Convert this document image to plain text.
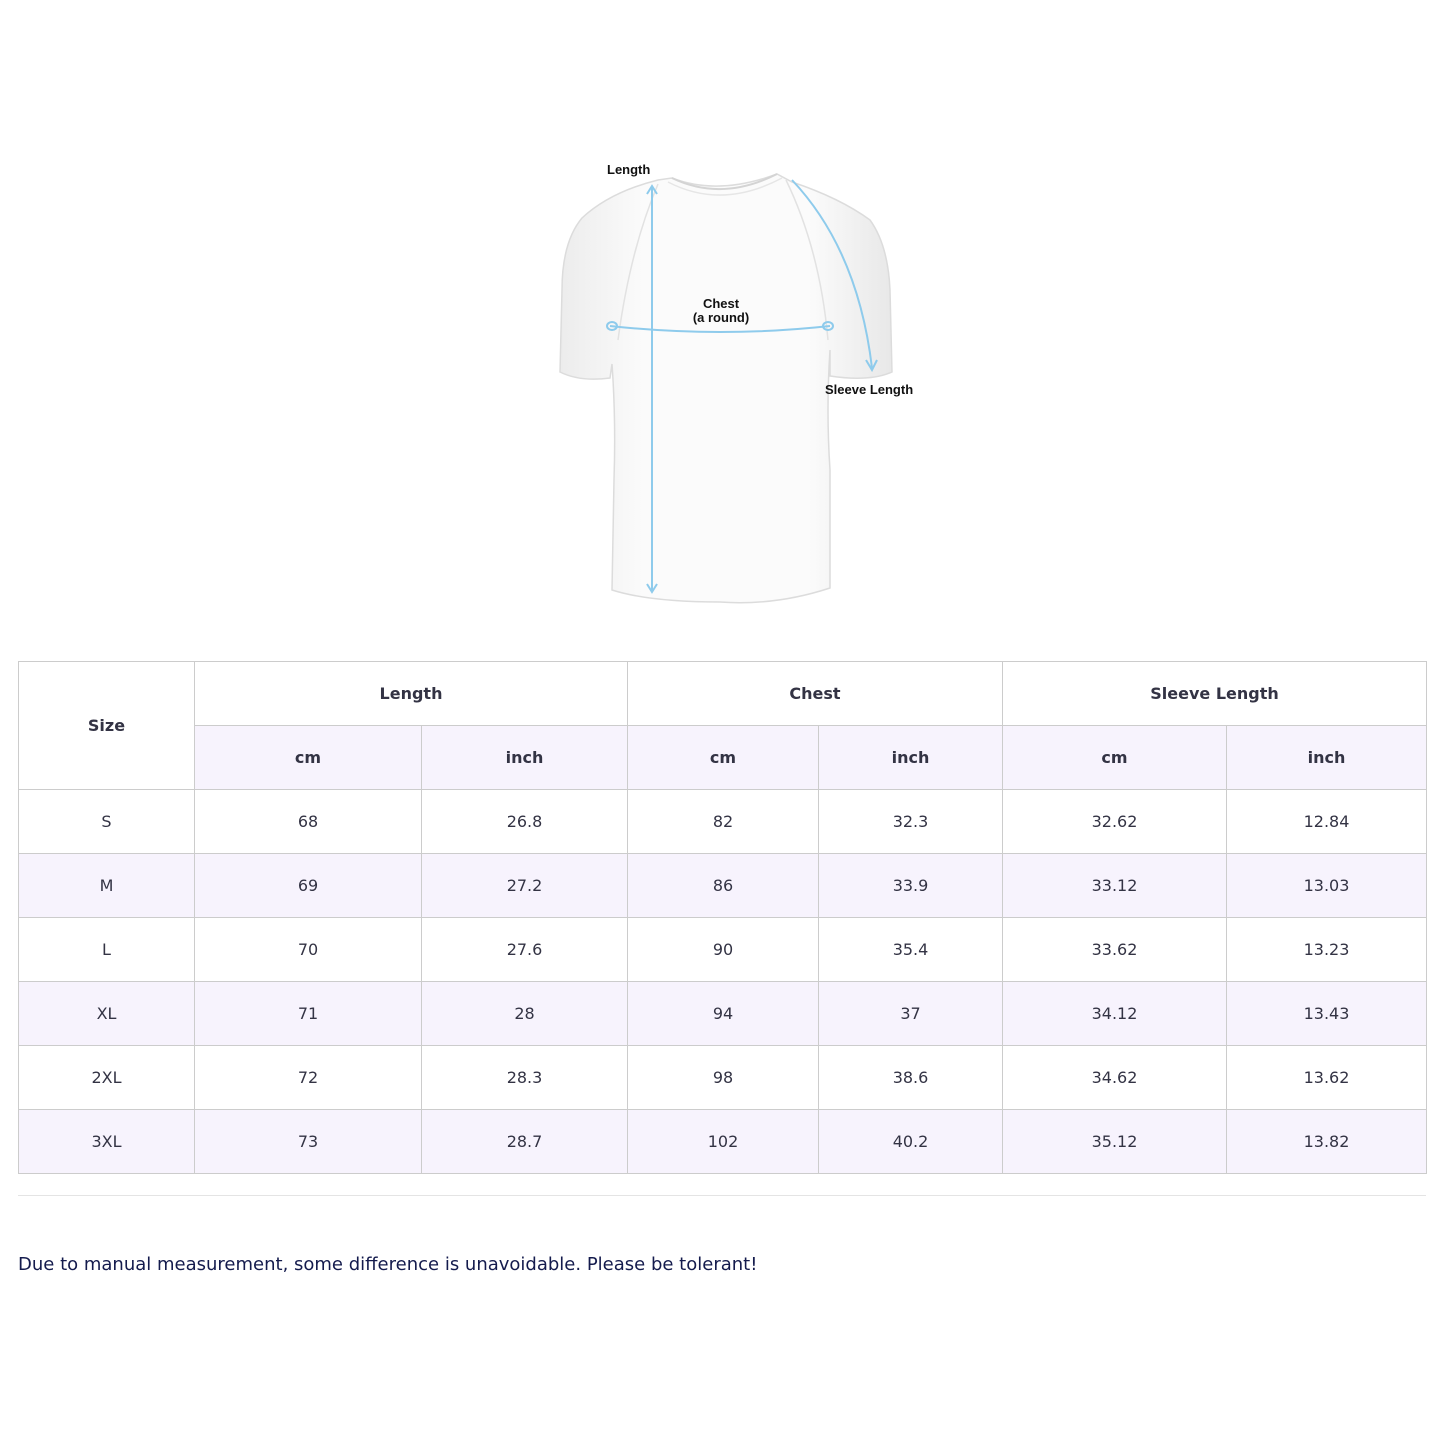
Length
Chest
(a round)
Sleeve Length
Size	Length		Chest		Sleeve Length	
	cm	inch	cm	inch	cm	inch
S	68	26.8	82	32.3	32.62	12.84
M	69	27.2	86	33.9	33.12	13.03
L	70	27.6	90	35.4	33.62	13.23
XL	71	28	94	37	34.12	13.43
2XL	72	28.3	98	38.6	34.62	13.62
3XL	73	28.7	102	40.2	35.12	13.82
Due to manual measurement, some difference is unavoidable. Please be tolerant!
